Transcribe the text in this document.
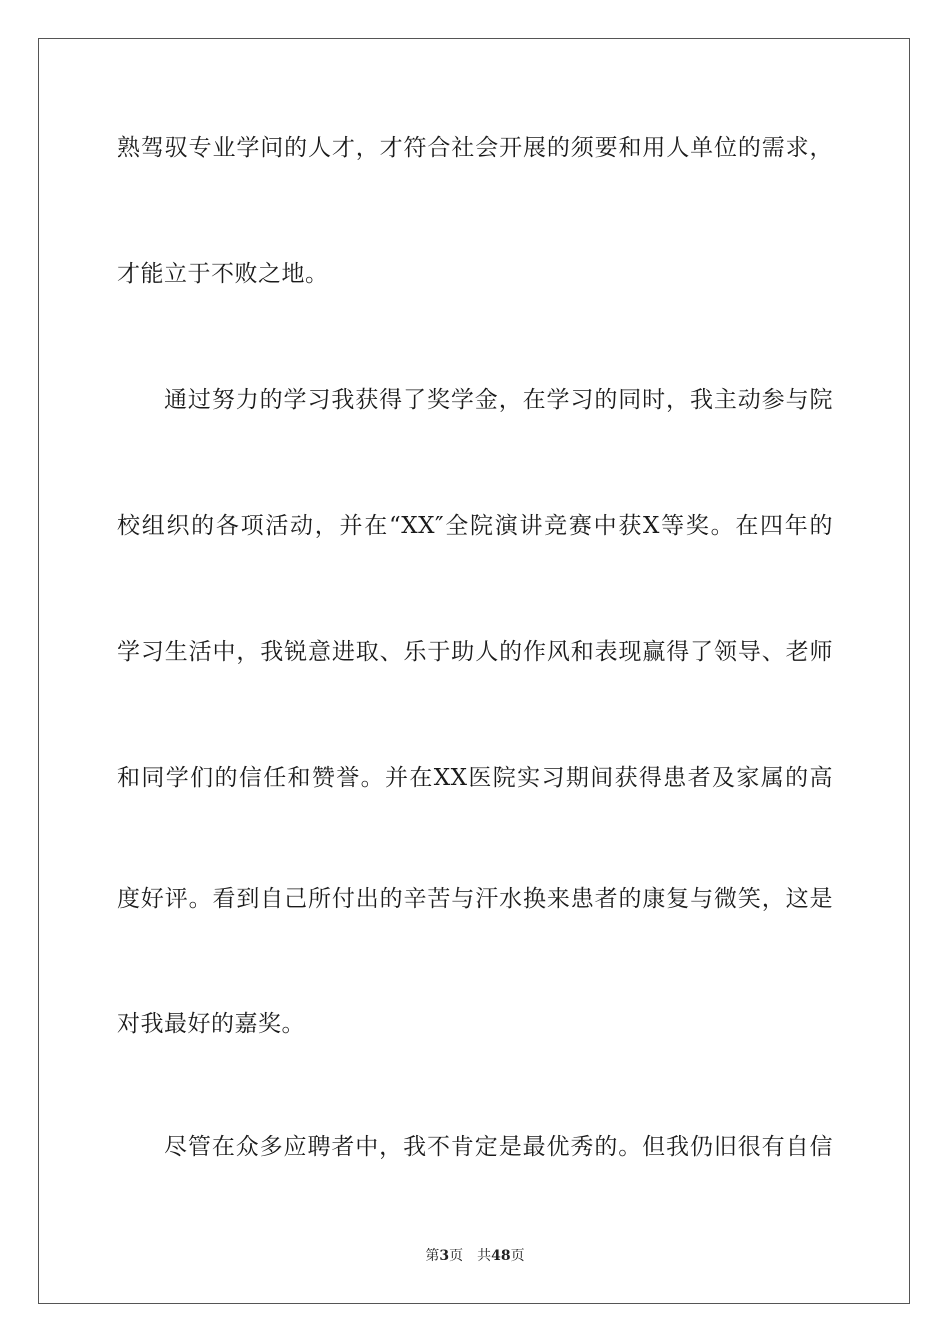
熟驾驭专业学问的人才，才符合社会开展的须要和用人单位的需求，
才能立于不败之地。
通过努力的学习我获得了奖学金，在学习的同时，我主动参与院
校组织的各项活动，并在“XX″全院演讲竞赛中获X等奖。在四年的
学习生活中，我锐意进取、乐于助人的作风和表现赢得了领导、老师
和同学们的信任和赞誉。并在XX医院实习期间获得患者及家属的高
度好评。看到自己所付出的辛苦与汗水换来患者的康复与微笑，这是
对我最好的嘉奖。
尽管在众多应聘者中，我不肯定是最优秀的。但我仍旧很有自信
第3页 共48页
